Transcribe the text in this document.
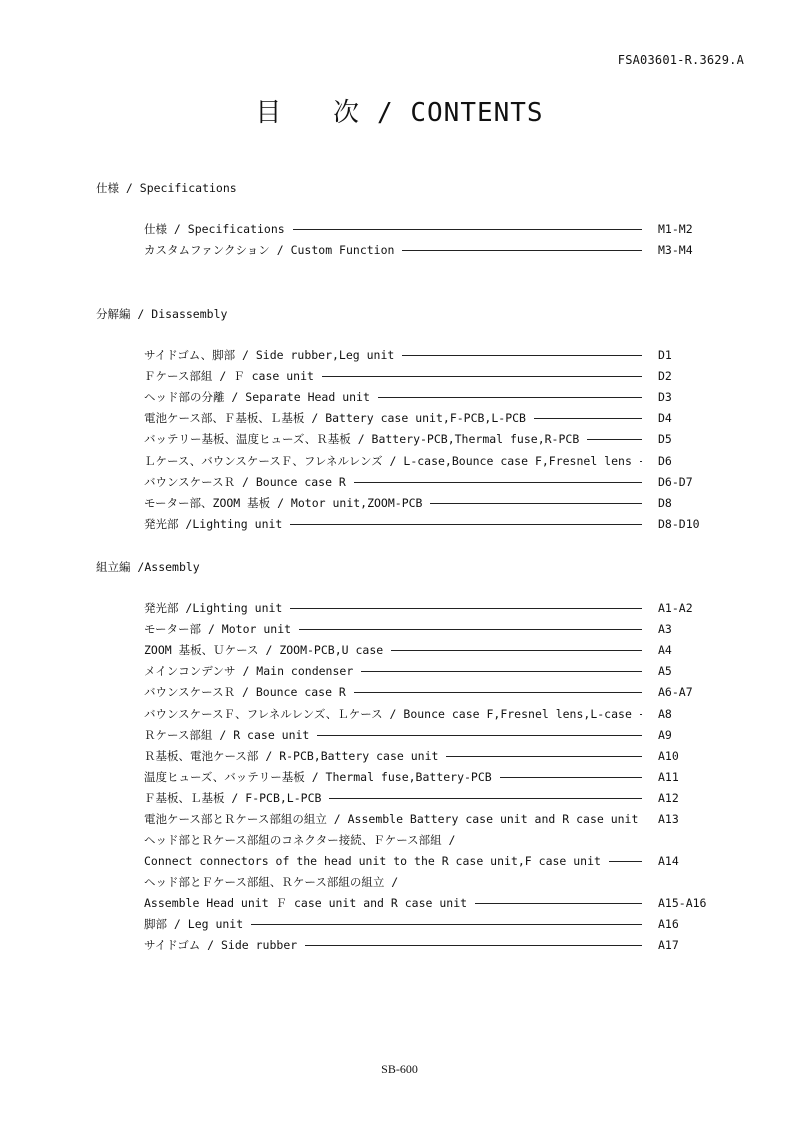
FSA03601-R.3629.A
目 次/ CONTENTS
仕様 / Specifications
仕様 / Specifications	M1-M2
カスタムファンクション / Custom Function	M3-M4
分解編 / Disassembly
サイドゴム、脚部 / Side rubber,Leg unit	D1
Ｆケース部組 / Ｆ case unit	D2
ヘッド部の分離 / Separate Head unit	D3
電池ケース部、Ｆ基板、Ｌ基板 / Battery case unit,F-PCB,L-PCB	D4
バッテリー基板、温度ヒューズ、Ｒ基板 / Battery-PCB,Thermal fuse,R-PCB	D5
Ｌケース、バウンスケースＦ、フレネルレンズ / L-case,Bounce case F,Fresnel lens D6
バウンスケースＲ / Bounce case R	D6-D7
モーター部、ZOOM 基板 / Motor unit,ZOOM-PCB	D8
発光部 /Lighting unit	D8-D10
組立編 /Assembly
発光部 /Lighting unit	A1-A2
モーター部 / Motor unit	A3
ZOOM 基板、Ｕケース / ZOOM-PCB,U case	A4
メインコンデンサ / Main condenser	A5
バウンスケースＲ / Bounce case R	A6-A7
バウンスケースＦ、フレネルレンズ、Ｌケース / Bounce case F,Fresnel lens,L-case A8
Ｒケース部組 / R case unit	A9
Ｒ基板、電池ケース部 / R-PCB,Battery case unit	A10
温度ヒューズ、バッテリー基板 / Thermal fuse,Battery-PCB	A11
Ｆ基板、Ｌ基板 / F-PCB,L-PCB	A12
電池ケース部とＲケース部組の組立 / Assemble Battery case unit and R case unit A13
ヘッド部とＲケース部組のコネクター接続、Ｆケース部組 /
Connect connectors of the head unit to the R case unit,F case unit	A14
ヘッド部とＦケース部組、Ｒケース部組の組立 /
Assemble Head unit Ｆ case unit and R case unit	A15-A16
脚部 / Leg unit	A16
サイドゴム / Side rubber	A17
SB-600
